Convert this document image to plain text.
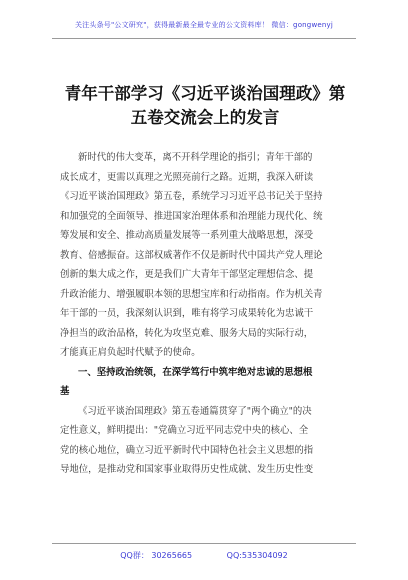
关注头条号"公文研究"，获得最新最全最专业的公文资料库！ 微信：gongwenyj
青年干部学习《习近平谈治国理政》第
五卷交流会上的发言
新时代的伟大变革，离不开科学理论的指引；青年干部的
成长成才，更需以真理之光照亮前行之路。近期，我深入研读
《习近平谈治国理政》第五卷，系统学习习近平总书记关于坚持
和加强党的全面领导、推进国家治理体系和治理能力现代化、统
筹发展和安全、推动高质量发展等一系列重大战略思想，深受
教育、倍感振奋。这部权威著作不仅是新时代中国共产党人理论
创新的集大成之作，更是我们广大青年干部坚定理想信念、提
升政治能力、增强履职本领的思想宝库和行动指南。作为机关青
年干部的一员，我深刻认识到，唯有将学习成果转化为忠诚干
净担当的政治品格，转化为攻坚克难、服务大局的实际行动，
才能真正肩负起时代赋予的使命。
一、坚持政治统领，在深学笃行中筑牢绝对忠诚的思想根
基
《习近平谈治国理政》第五卷通篇贯穿了"两个确立"的决
定性意义，鲜明提出："党确立习近平同志党中央的核心、全
党的核心地位，确立习近平新时代中国特色社会主义思想的指
导地位，是推动党和国家事业取得历史性成就、发生历史性变
QQ群： 30265665	QQ:535304092
